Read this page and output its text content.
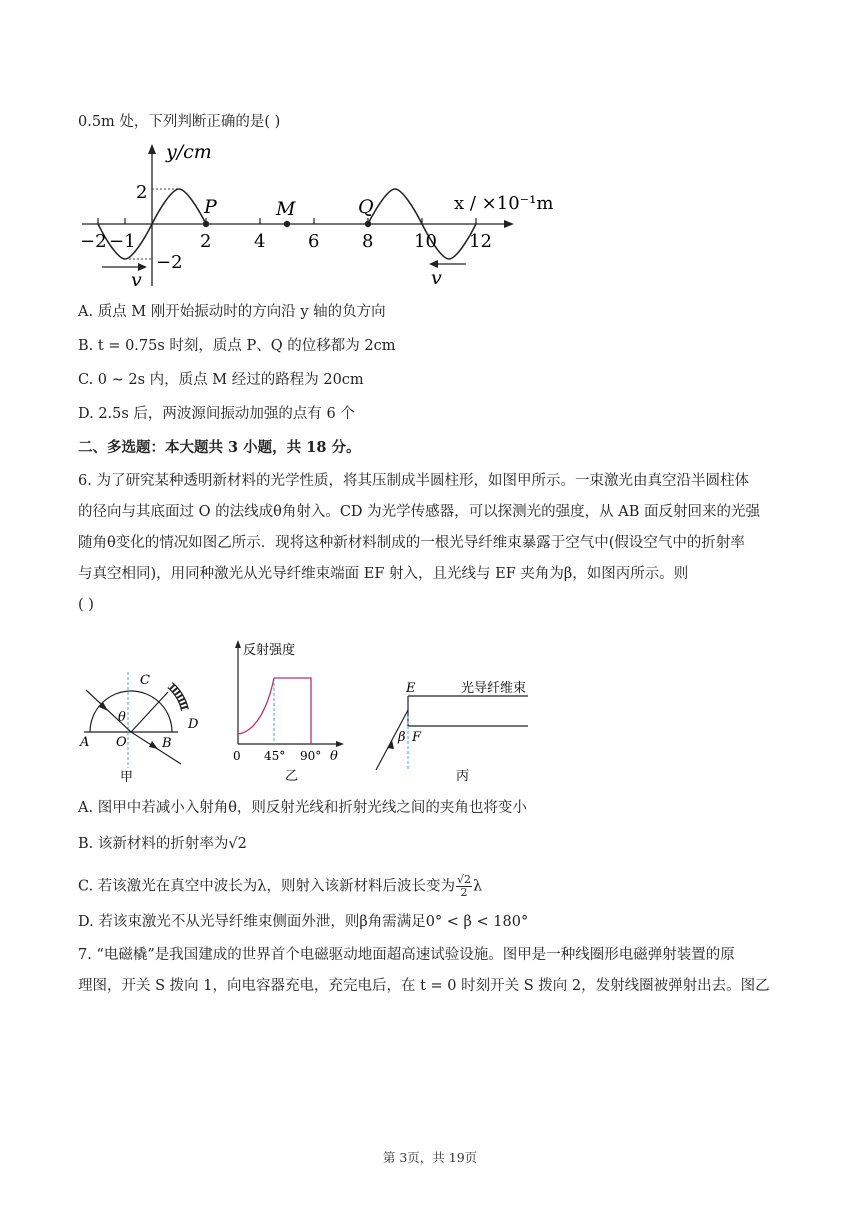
0.5m 处，下列判断正确的是( )
y/cm
x / ×10⁻¹m
2
−2
P	M	Q
−2 −1	2 4 6 8 10 12
v	v
A. 质点 M 刚开始振动时的方向沿 y 轴的负方向
B. t = 0.75s 时刻，质点 P、Q 的位移都为 2cm
C. 0 ∼ 2s 内，质点 M 经过的路程为 20cm
D. 2.5s 后，两波源间振动加强的点有 6 个
二、多选题：本大题共 3 小题，共 18 分。
6. 为了研究某种透明新材料的光学性质，将其压制成半圆柱形，如图甲所示。一束激光由真空沿半圆柱体
的径向与其底面过 O 的法线成θ角射入。CD 为光学传感器，可以探测光的强度，从 AB 面反射回来的光强
随角θ变化的情况如图乙所示．现将这种新材料制成的一根光导纤维束暴露于空气中(假设空气中的折射率
与真空相同)，用同种激光从光导纤维束端面 EF 射入，且光线与 EF 夹角为β，如图丙所示。则
( )
θ
C
D
A O	B
甲
反射强度
0 45° 90° θ
乙
E	光导纤维束
β F
丙
A. 图甲中若减小入射角θ，则反射光线和折射光线之间的夹角也将变小
B. 该新材料的折射率为√2
C. 若该激光在真空中波长为λ，则射入该新材料后波长变为 $\frac{√2}{2}$ λ
D. 若该束激光不从光导纤维束侧面外泄，则β角需满足0° < β < 180°
7. “电磁橇”是我国建成的世界首个电磁驱动地面超高速试验设施。图甲是一种线圈形电磁弹射装置的原
理图，开关 S 拨向 1，向电容器充电，充完电后，在 t = 0 时刻开关 S 拨向 2，发射线圈被弹射出去。图乙
第 3页，共 19页
